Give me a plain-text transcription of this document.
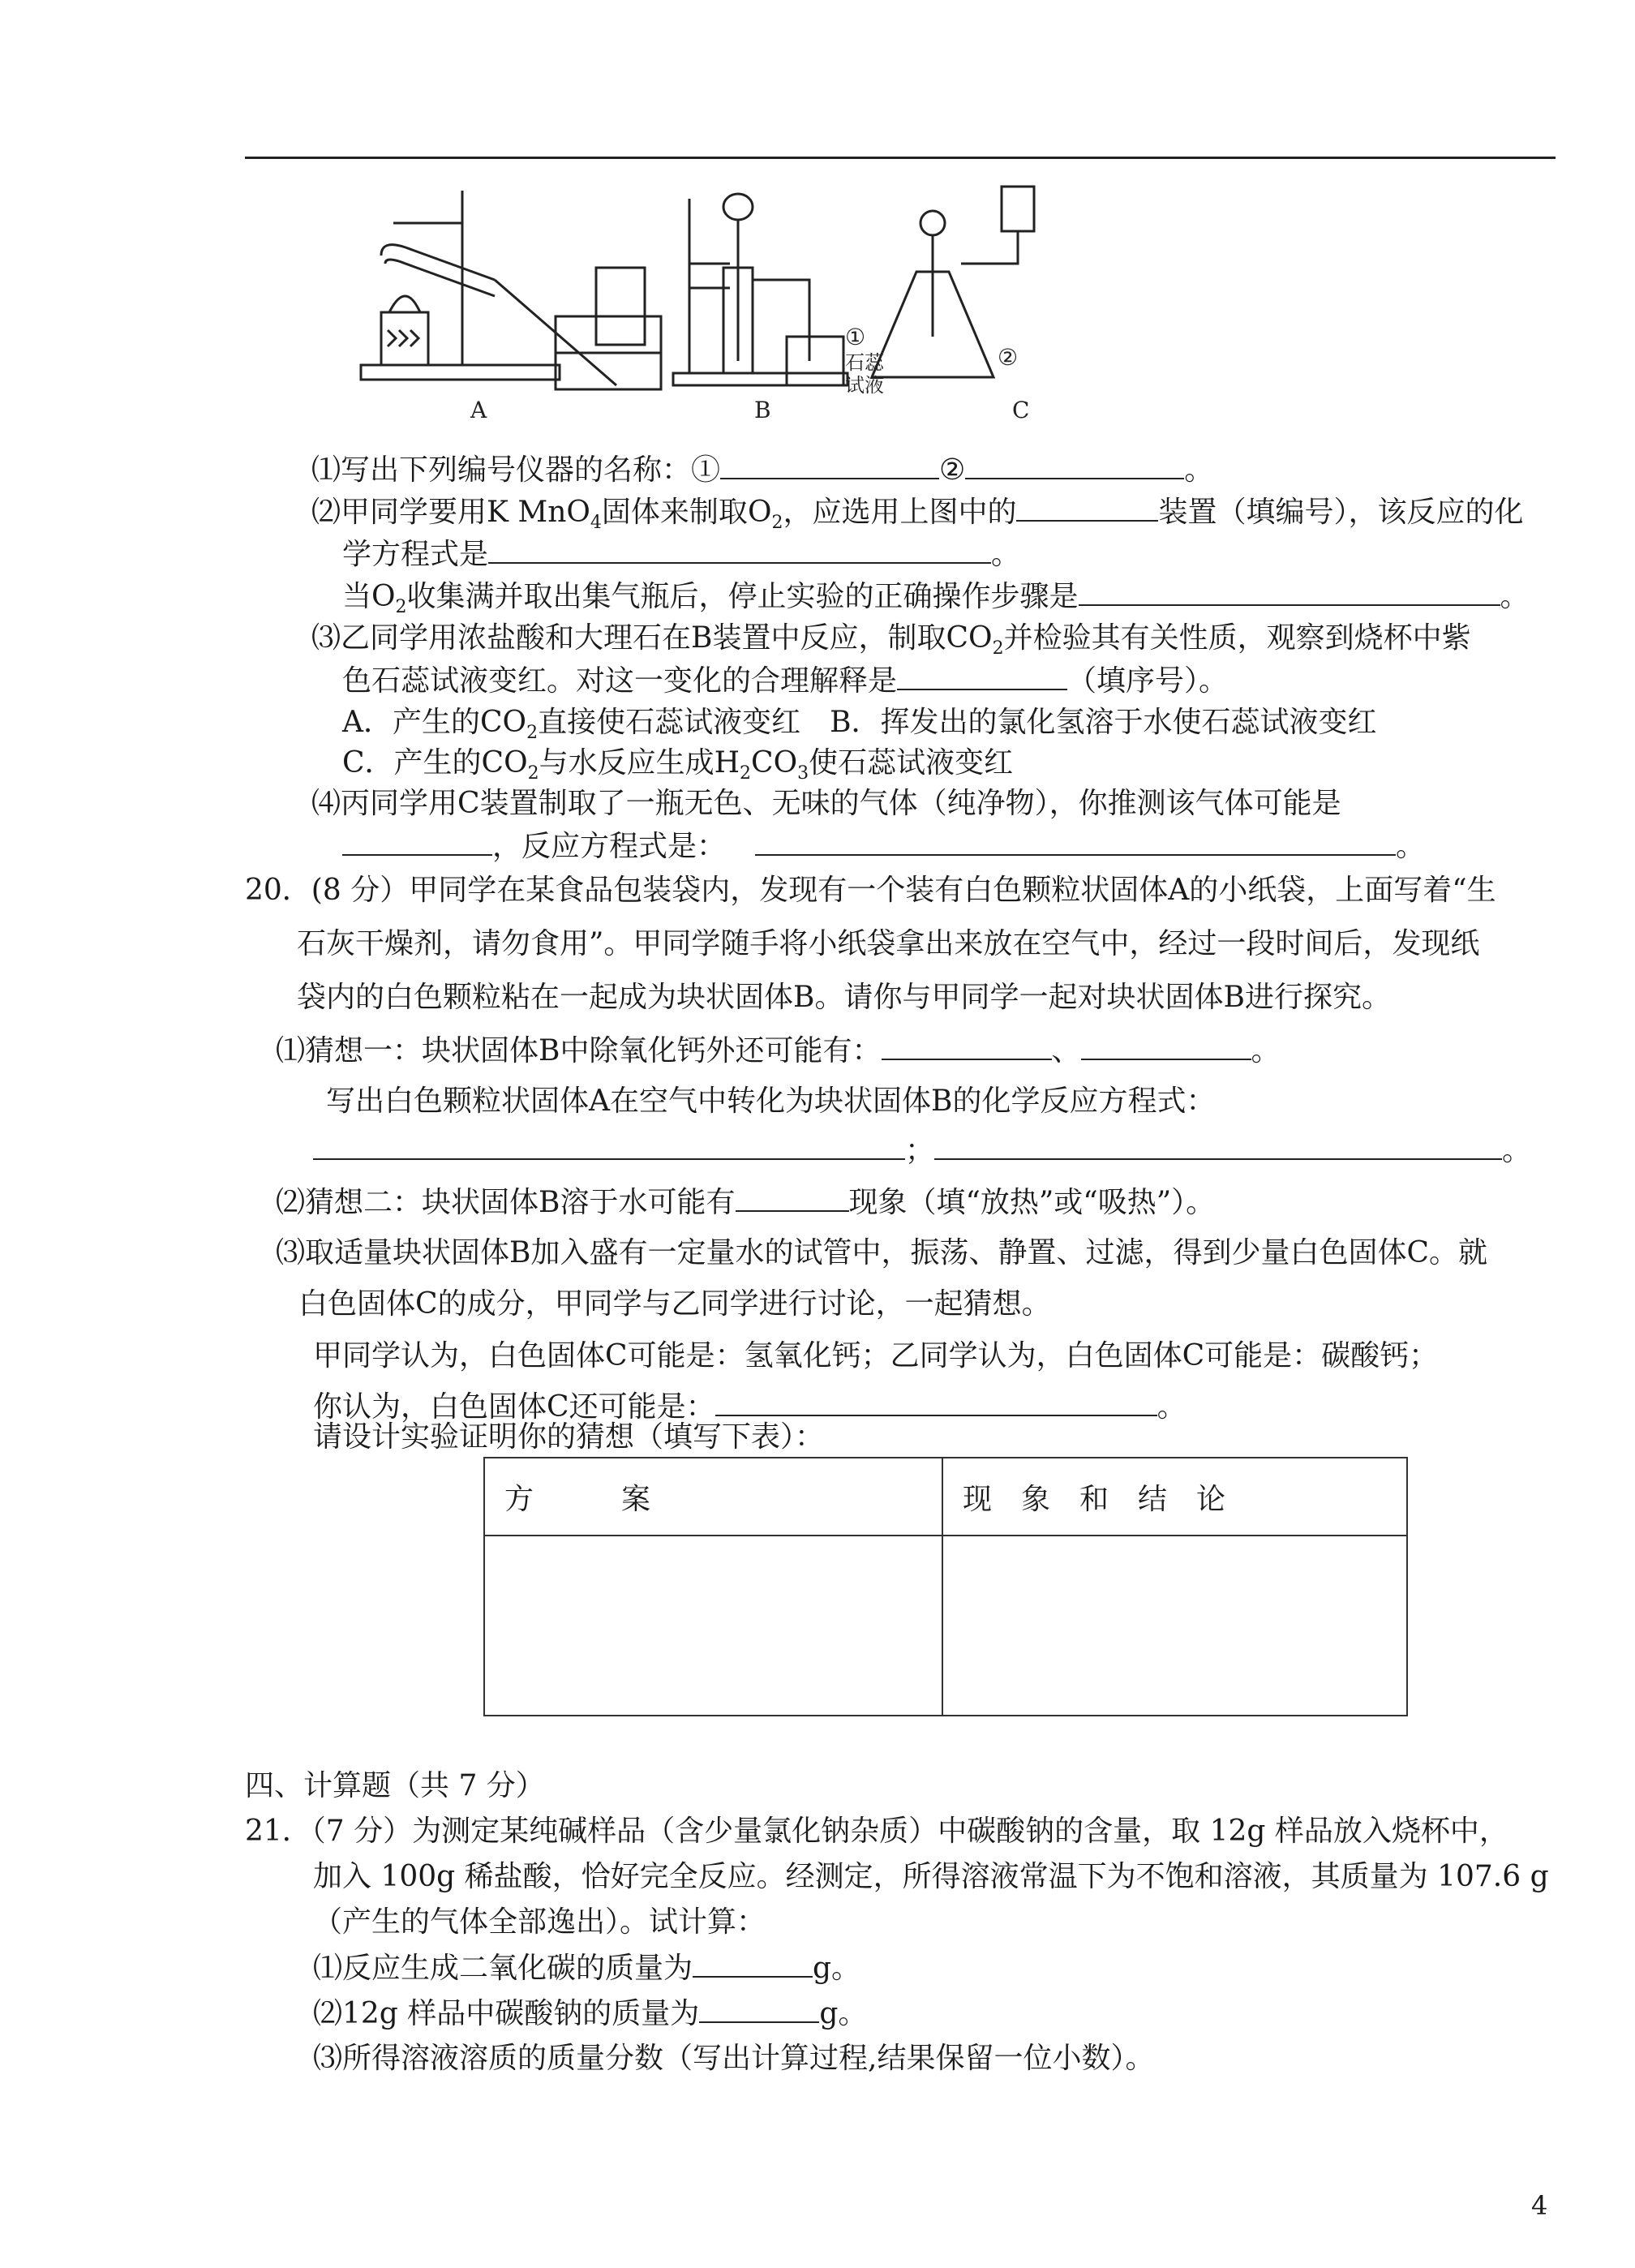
A	B	C
①
石蕊
试液
②
⑴写出下列编号仪器的名称：①	②	。
⑵甲同学要用K MnO$_4$固体来制取$O_2$，应选用上图中的	装置（填编号），该反应的化
学方程式是	。
当$O_2$收集满并取出集气瓶后，停止实验的正确操作步骤是	。
⑶乙同学用浓盐酸和大理石在B装置中反应，制取$CO_2$并检验其有关性质，观察到烧杯中紫
色石蕊试液变红。对这一变化的合理解释是	（填序号）。
A．产生的$CO_2$直接使石蕊试液变红  B．挥发出的氯化氢溶于水使石蕊试液变红
C．产生的$CO_2$与水反应生成$H_2CO_3$使石蕊试液变红
⑷丙同学用C装置制取了一瓶无色、无味的气体（纯净物），你推测该气体可能是
，反应方程式是： 	。
20．(8 分）甲同学在某食品包装袋内，发现有一个装有白色颗粒状固体A的小纸袋，上面写着“生
石灰干燥剂，请勿食用”。甲同学随手将小纸袋拿出来放在空气中，经过一段时间后，发现纸
袋内的白色颗粒粘在一起成为块状固体B。请你与甲同学一起对块状固体B进行探究。
⑴猜想一：块状固体B中除氧化钙外还可能有：	、	。
写出白色颗粒状固体A在空气中转化为块状固体B的化学反应方程式：
；	。
⑵猜想二：块状固体B溶于水可能有	现象（填“放热”或“吸热”）。
⑶取适量块状固体B加入盛有一定量水的试管中，振荡、静置、过滤，得到少量白色固体C。就
白色固体C的成分，甲同学与乙同学进行讨论，一起猜想。
甲同学认为，白色固体C可能是：氢氧化钙；乙同学认为，白色固体C可能是：碳酸钙；
你认为，白色固体C还可能是：	。
请设计实验证明你的猜想（填写下表）：
方　　　案	现　象　和　结　论

四、计算题（共 7 分）
21．（7 分）为测定某纯碱样品（含少量氯化钠杂质）中碳酸钠的含量，取 12g 样品放入烧杯中，
加入 100g 稀盐酸，恰好完全反应。经测定，所得溶液常温下为不饱和溶液，其质量为 107.6 g
（产生的气体全部逸出）。试计算：
⑴反应生成二氧化碳的质量为	g。
⑵12g 样品中碳酸钠的质量为	g。
⑶所得溶液溶质的质量分数（写出计算过程,结果保留一位小数）。
4
